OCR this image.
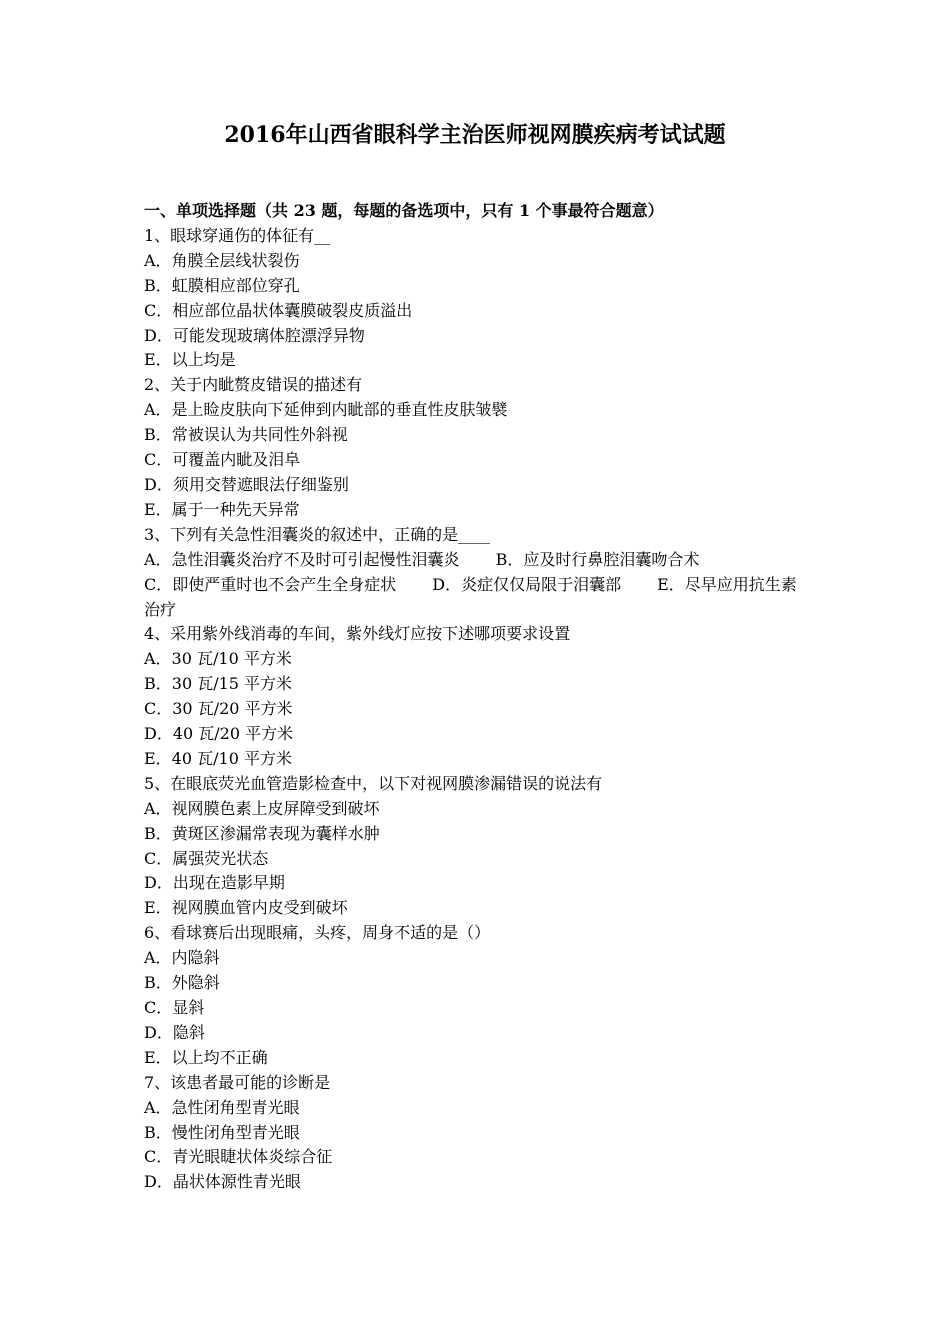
2016年山西省眼科学主治医师视网膜疾病考试试题

一、单项选择题（共 23 题，每题的备选项中，只有 1 个事最符合题意）

1、眼球穿通伤的体征有__

A．角膜全层线状裂伤

B．虹膜相应部位穿孔

C．相应部位晶状体囊膜破裂皮质溢出

D．可能发现玻璃体腔漂浮异物

E．以上均是

2、关于内眦赘皮错误的描述有

A．是上睑皮肤向下延伸到内眦部的垂直性皮肤皱襞

B．常被误认为共同性外斜视

C．可覆盖内眦及泪阜

D．须用交替遮眼法仔细鉴别

E．属于一种先天异常

3、下列有关急性泪囊炎的叙述中，正确的是____

A．急性泪囊炎治疗不及时可引起慢性泪囊炎 B．应及时行鼻腔泪囊吻合术

C．即使严重时也不会产生全身症状 D．炎症仅仅局限于泪囊部 E．尽早应用抗生素治疗

4、采用紫外线消毒的车间，紫外线灯应按下述哪项要求设置

A．30 瓦/10 平方米

B．30 瓦/15 平方米

C．30 瓦/20 平方米

D．40 瓦/20 平方米

E．40 瓦/10 平方米

5、在眼底荧光血管造影检查中，以下对视网膜渗漏错误的说法有

A．视网膜色素上皮屏障受到破坏

B．黄斑区渗漏常表现为囊样水肿

C．属强荧光状态

D．出现在造影早期

E．视网膜血管内皮受到破坏

6、看球赛后出现眼痛，头疼，周身不适的是（）

A．内隐斜

B．外隐斜

C．显斜

D．隐斜

E．以上均不正确

7、该患者最可能的诊断是

A．急性闭角型青光眼

B．慢性闭角型青光眼

C．青光眼睫状体炎综合征

D．晶状体源性青光眼
